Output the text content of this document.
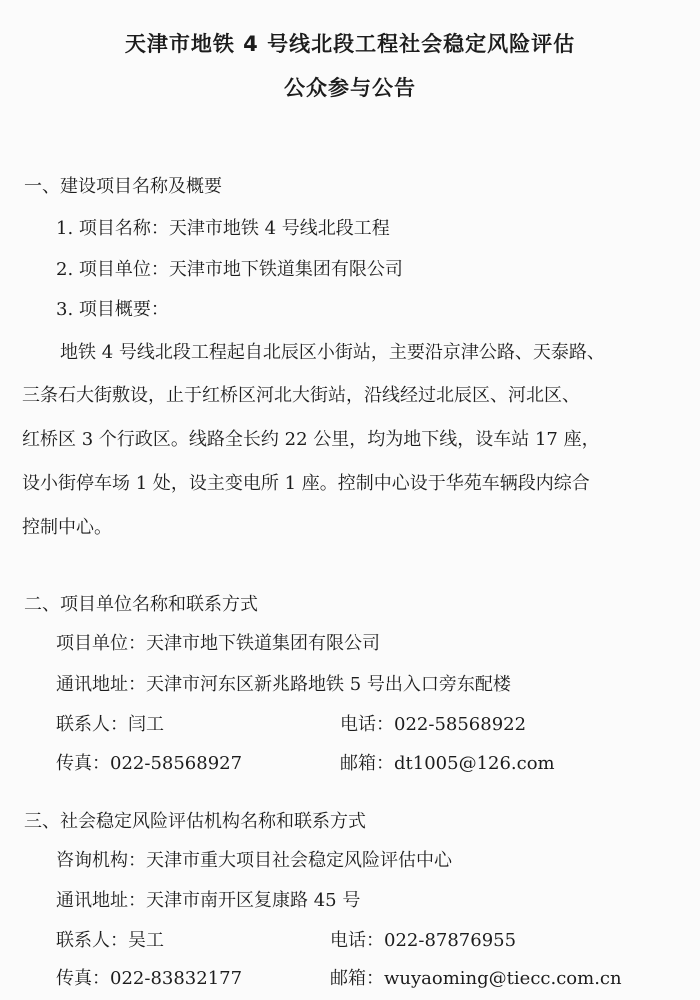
天津市地铁 4 号线北段工程社会稳定风险评估
公众参与公告
一、建设项目名称及概要
1. 项目名称：天津市地铁 4 号线北段工程
2. 项目单位：天津市地下铁道集团有限公司
3. 项目概要：
地铁 4 号线北段工程起自北辰区小街站，主要沿京津公路、天泰路、
三条石大街敷设，止于红桥区河北大街站，沿线经过北辰区、河北区、
红桥区 3 个行政区。线路全长约 22 公里，均为地下线，设车站 17 座，
设小街停车场 1 处，设主变电所 1 座。控制中心设于华苑车辆段内综合
控制中心。
二、项目单位名称和联系方式
项目单位：天津市地下铁道集团有限公司
通讯地址：天津市河东区新兆路地铁 5 号出入口旁东配楼
联系人：闫工	电话：022-58568922
传真：022-58568927	邮箱：dt1005@126.com
三、社会稳定风险评估机构名称和联系方式
咨询机构：天津市重大项目社会稳定风险评估中心
通讯地址：天津市南开区复康路 45 号
联系人：吴工	电话：022-87876955
传真：022-83832177	邮箱：wuyaoming@tiecc.com.cn
